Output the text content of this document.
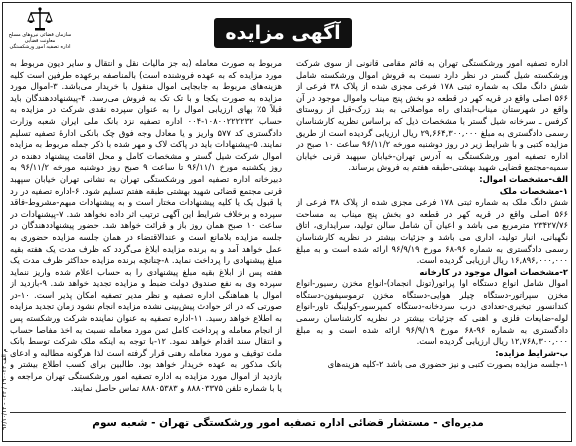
سازمان قضائی نیروهای مسلح
معاونت قضایی
اداره تصفیه امور ورشکستگی
آگهی مزایده

اداره تصفیه امور ورشکستگی تهران به قائم مقامی قانونی از سوی شرکت ورشکسته شیل گستر در نظر دارد نسبت به فروش اموال ورشکسته شامل شش دانگ ملک به شماره ثبتی ۱۷۸ فرعی مجزی شده از پلاک ۳۸ فرعی از ۵۶۶ اصلی واقع در قریه کهر در قطعه دو بخش پنج میناب واموال موجود در آن واقع در شهرستان میناب-ابتدای راه مواصلاتی به بند زرک-قبل از روستای کرفس ـ سرخانه شیل گستر با مشخصات ذیل که براساس نظریه کارشناسان رسمی دادگستری به مبلغ ۲۹,۶۶۴,۳۰۰,۰۰۰ ریال ارزیابی گردیده است از طریق مزایده کتبی و با شرایط زیر در روز دوشنبه مورخه ۹۶/۱۱/۲ ساعت ۱۰ صبح در اداره تصفیه امور ورشکستگی به آدرس تهران-خیابان سپهبد قرنی خیابان سمیه-مجتمع قضایی شهید بهشتی-طبقه هفتم به فروش برساند.

الف-مشخصات اموال:

۱-مشخصات ملک

شش دانگ ملک به شماره ثبتی ۱۷۸ فرعی مجزی شده از پلاک ۳۸ فرعی از ۵۶۶ اصلی واقع در قریه کهر در قطعه دو بخش پنج میناب به مساحت ۲۳۴۲۷/۷۶ مترمربع می باشد و اعیان آن شامل سالن تولید، سرایداری، اتاق نگهبانی، انبار تولید، اداری می باشد و جزئیات بیشتر در نظریه کارشناسان رسمی دادگستری به شماره ۹۶-۶۸ مورخ ۹۶/۹/۱۹ ارائه شده است و به مبلغ ۱۶,۸۹۶,۰۰۰,۰۰۰ ریال ارزیابی گردیده است.

۲-مشخصات اموال موجود در کارخانه

اموال شامل انواع دستگاه اوا پراتور(تونل انجماد)-انواع مخزن رسیور-انواع مخزن سپراتور-دستگاه چیلر هوایی-دستگاه مخزن ترموسیفون-دستگاه کندانسور تبخیری-تعدادی درب سردخانه-دستگاه کمپرسور-کولینگ تاور-انواع لوله-ضایعات فلزی و اهنی که جزئیات بیشتر در نظریه کارشناسان رسمی دادگستری به شماره ۹۶-۶۸ مورخ ۹۶/۹/۱۹ ارائه شده است و به مبلغ ۱۲,۷۶۸,۳۰۰,۰۰۰ ریال ارزیابی گردیده است.

ب-شرایط مزایده:

۱-جلسه مزایده بصورت کتبی و نیز حضوری می باشد ۲-کلیه هزینه‌های

مربوط به صورت معامله (به جز مالیات نقل و انتقال و سایر دیون مربوط به مورد مزایده که به عهده فروشنده است) بالمناصفه برعهده طرفین است کلیه هزینه‌های مربوط به جابجایی اموال منقول با خریدار می‌باشد. ۳-اموال مورد مزایده به صورت یکجا و با تک تک به فروش می‌رسد. ۴-پیشنهاددهندگان باید قبلاً ۵٪ بهای ارزیابی اموال را به عنوان سپرده نقدی شرکت در مزایده به حساب ۱۰۸۰۰۲۲۲۲۳۲-۰۰۴ اداره تصفیه نزد بانک ملی ایران شعبه وزارت دادگستری کد ۵۷۷ واریز و یا معادل وجه فوق چک بانکی ادارهٔ تصفیه تسلیم نمایند. ۵-پیشنهادات باید در پاکت لاک و مهر شده با ذکر جمله مربوط به مزایده اموال شرکت شیل گستر و مشخصات کامل و محل اقامت پیشنهاد دهنده در روز یکشنبه مورخ ۹۶/۱۱/۱ تا ساعت ۹ صبح روز دوشنبه مورخه ۹۶/۱۱/۲ به دبیرخانه اداره تصفیه امور ورشکستگی تهران به نشانی تهران خیابان سپهبد قرنی مجتمع قضائی شهید بهشتی طبقه هفتم تسلیم شود. ۶-اداره تصفیه در رد یا قبول یک یا کلیه پیشنهادات مختار است و به پیشنهادات مبهم-مشروط-فاقد سپرده و برخلاف شرایط این آگهی ترتیب اثر داده نخواهد شد. ۷-پیشنهادات در ساعت ۱۰ صبح همان روز باز و قرائت خواهد شد. حضور پیشنهاددهندگان در جلسه مزایده بلامانع است و عندالاقتضاء در همان جلسه مزایده حضوری به عمل خواهد آمد و به برنده مزایده ابلاغ می‌گردد که ظرف مدت یک هفته بقیه مبلغ پیشنهادی را پرداخت نماید. ۸-چنانچه برنده مزایده حداکثر ظرف مدت یک هفته پس از ابلاغ بقیه مبلغ پیشنهادی را به حساب اعلام شده واریز ننماید سپرده وی به نفع صندوق دولت ضبط و مزایده تجدید خواهد شد. ۹-بازدید از اموال با هماهنگی اداره تصفیه و نظر مدیر تصفیه امکان پذیر است. ۱۰-در صورتی که در اثر حوادث پیش‌بینی نشده مزایده انجام نشود زمان تجدید مزایده به اطلاع خواهد رسید. ۱۱-اداره تصفیه به عنوان نماینده شرکت ورشکسته پس از انجام معامله و پرداخت کامل ثمن مورد معامله نسبت به اخذ مفاصا حساب و انتقال سند اقدام خواهد نمود. ۱۲-با توجه به اینکه ملک شرکت توسط بانک ملت توقیف و مورد معامله رهنی قرار گرفته است لذا هرگونه مطالبه و ادعای بانک مذکور به عهده خریدار خواهد بود. طالبین برای کسب اطلاع بیشتر و بازدید از اموال مورد مزایده به اداره تصفیه امور ورشکستگی تهران مراجعه و یا با شماره تلفن ۸۸۸۰۳۳۷۵ و ۸۸۸۰۵۳۸۳ تماس حاصل نمایند.

م الف ۱۹۰۰۲۳ / ۰۳۳ - ۹۶/۱۰/۱۳
مدیره‌ای - مستشار قضائی اداره تصفیه امور ورشکستگی تهران - شعبه سوم
